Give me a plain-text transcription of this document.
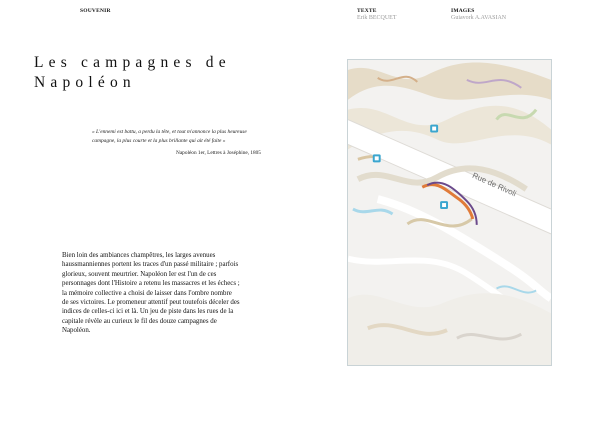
SOUVENIR	TEXTE
Erik BECQUET
IMAGES
Guiavork A.AVASIAN
Les campagnes de
Napoléon
« L'ennemi est battu, a perdu la tête, et tout m'annonce la plus heureuse campagne, la plus courte et la plus brillante qui ait été faite »
Napoléon 1er, Lettres à Joséphine, 1805
Bien loin des ambiances champêtres, les larges avenues haussmanniennes portent les traces d'un passé militaire ; parfois glorieux, souvent meurtrier. Napoléon Ier est l'un de ces personnages dont l'Histoire a retenu les massacres et les échecs ; la mémoire collective a choisi de laisser dans l'ombre nombre de ses victoires. Le promeneur attentif peut toutefois déceler des indices de celles-ci ici et là. Un jeu de piste dans les rues de la capitale révèle au curieux le fil des douze campagnes de Napoléon.
Rue de Rivoli
